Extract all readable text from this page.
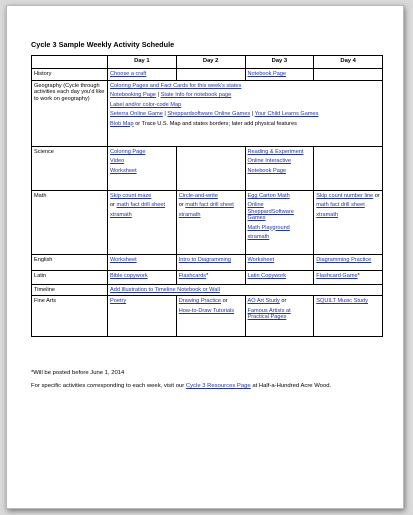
Cycle 3 Sample Weekly Activity Schedule
	Day 1	Day 2	Day 3	Day 4
History	Choose a craft		Notebook Page	

Geography (Cycle through activities each day you'd like to work on geography)	Coloring Pages and Fact Cards for this week's states
Notebooking Page | State Info for notebook page
Label and/or color-code Map
Seterra Online Game | Sheppardsoftware Online Games | Your Child Learns Games
Blob Map or Trace U.S. Map and states borders; later add physical features			

Science	Coloring Page
Video
Worksheet		Reading & Experiment
Online Interactive
Notebook Page	

Math	Skip count maze
or math fact drill sheet
xtramath	Circle-and-write
or math fact drill sheet
xtramath	Egg Carton Math
Online SheppardSoftware Games
Math Playground
xtramath	Skip count number line or
math fact drill sheet
xtramath

English	Worksheet	Intro to Diagramming	Worksheet	Diagramming Practice

Latin	Bible copywork	Flashcards*	Latin Copywork	Flashcard Game*

Timeline	Add Illustration to Timeline Notebook or Wall			

Fine Arts	Poetry	Drawing Practice or
How-to-Draw Tutorials	AO Art Study or
Famous Artists at Practical Pages	SQUILT Music Study
*Will be posted before June 1, 2014
For specific activities corresponding to each week, visit our Cycle 3 Resources Page at Half-a-Hundred Acre Wood.
